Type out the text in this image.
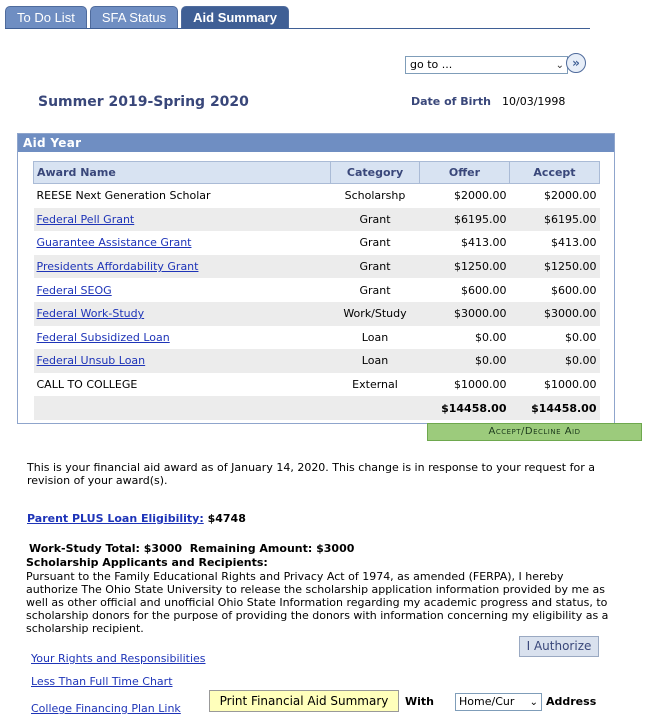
To Do List	SFA Status	Aid Summary
go to ...	⌄ »
Summer 2019-Spring 2020	Date of Birth 10/03/1998
Aid Year
Award Name	Category	Offer	Accept
REESE Next Generation Scholar	Scholarshp	$2000.00	$2000.00
Federal Pell Grant	Grant	$6195.00	$6195.00
Guarantee Assistance Grant	Grant	$413.00	$413.00
Presidents Affordability Grant	Grant	$1250.00	$1250.00
Federal SEOG	Grant	$600.00	$600.00
Federal Work-Study	Work/Study	$3000.00	$3000.00
Federal Subsidized Loan	Loan	$0.00	$0.00
Federal Unsub Loan	Loan	$0.00	$0.00
CALL TO COLLEGE	External	$1000.00	$1000.00
		$14458.00	$14458.00
Accept/Decline Aid
This is your financial aid award as of January 14, 2020. This change is in response to your request for a revision of your award(s).
Parent PLUS Loan Eligibility: $4748
Work-Study Total: $3000  Remaining Amount: $3000
Scholarship Applicants and Recipients:
Pursuant to the Family Educational Rights and Privacy Act of 1974, as amended (FERPA), I hereby authorize The Ohio State University to release the scholarship application information provided by me as well as other official and unofficial Ohio State Information regarding my academic progress and status, to scholarship donors for the purpose of providing the donors with information concerning my eligibility as a scholarship recipient.
I Authorize
Your Rights and Responsibilities
Less Than Full Time Chart
College Financing Plan Link
Print Financial Aid Summary	With	Home/Cur ⌄ Address
